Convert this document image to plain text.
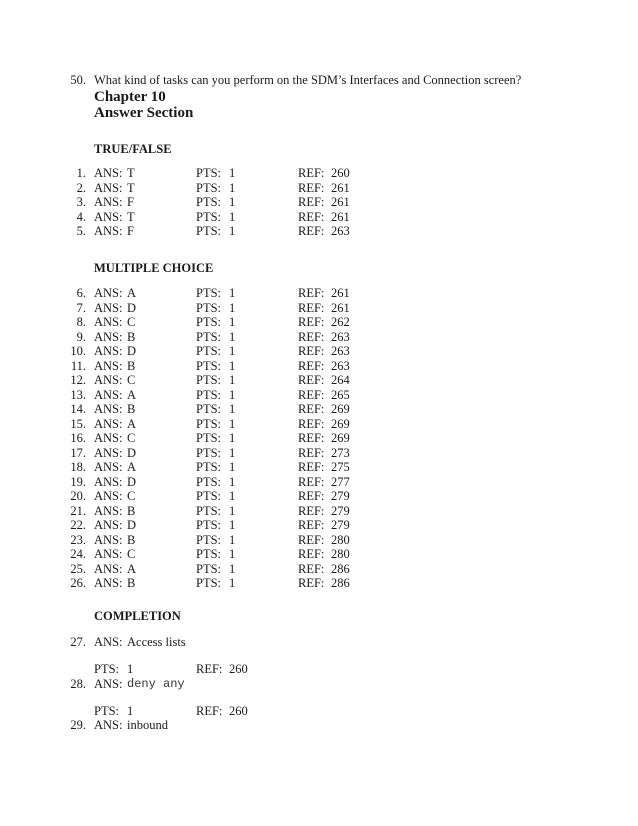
50. What kind of tasks can you perform on the SDM’s Interfaces and Connection screen?
Chapter 10
Answer Section
TRUE/FALSE
1. ANS: T	PTS: 1	REF: 260
2. ANS: T	PTS: 1	REF: 261
3. ANS: F	PTS: 1	REF: 261
4. ANS: T	PTS: 1	REF: 261
5. ANS: F	PTS: 1	REF: 263
MULTIPLE CHOICE
6. ANS: A	PTS: 1	REF: 261
7. ANS: D	PTS: 1	REF: 261
8. ANS: C	PTS: 1	REF: 262
9. ANS: B	PTS: 1	REF: 263
10. ANS: D	PTS: 1	REF: 263
11. ANS: B	PTS: 1	REF: 263
12. ANS: C	PTS: 1	REF: 264
13. ANS: A	PTS: 1	REF: 265
14. ANS: B	PTS: 1	REF: 269
15. ANS: A	PTS: 1	REF: 269
16. ANS: C	PTS: 1	REF: 269
17. ANS: D	PTS: 1	REF: 273
18. ANS: A	PTS: 1	REF: 275
19. ANS: D	PTS: 1	REF: 277
20. ANS: C	PTS: 1	REF: 279
21. ANS: B	PTS: 1	REF: 279
22. ANS: D	PTS: 1	REF: 279
23. ANS: B	PTS: 1	REF: 280
24. ANS: C	PTS: 1	REF: 280
25. ANS: A	PTS: 1	REF: 286
26. ANS: B	PTS: 1	REF: 286
COMPLETION
27. ANS: Access lists
PTS: 1	REF: 260
28. ANS: deny any
PTS: 1	REF: 260
29. ANS: inbound
